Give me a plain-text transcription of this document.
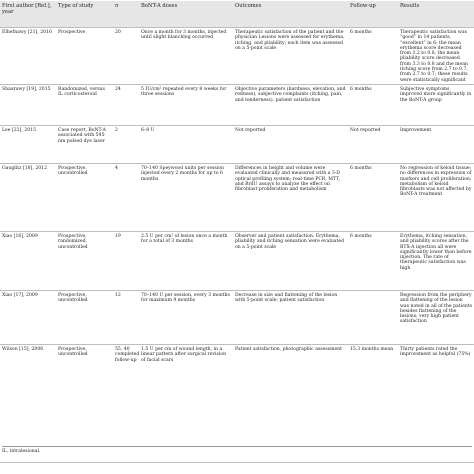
First author [Ref.], year	Type of study	n	BoNT-A doses	Outcomes	Follow-up	Results
Elhefnawy [21], 2016	Prospective	20	Once a month for 3 months, injected until slight blanching occurred	Therapeutic satisfaction of the patient and the physician Lesions were assessed for erythema, itching, and pliability; each item was assessed on a 5-point scale	6 months	Therapeutic satisfaction was “good” in 14 patients, “excellent” in 6; the mean erythema score decreased from 3.2 to 0.8, the mean pliability score decreased from 3.3 to 0.8 and the mean itching score from 2.7 to 0.7, from 2.7 to 0.7; these results were statistically significant
Shaarawy [19], 2015	Randomized, versus IL corticosteroid	24	5 IU/cm² repeated every 8 weeks for three sessions	Objective parameters (hardness, elevation, and redness), subjective complaints (itching, pain, and tenderness), patient satisfaction	6 months	Subjective symptoms improved more significantly in the BoNT-A group
Lee [22], 2015	Case report, BoNT-A associated with 595-nm pulsed dye laser	2	6–8 U	Not reported	Not reported	Improvement
Gauglitz [18], 2012	Prospective, uncontrolled	4	70–140 Speywood units per session injected every 2 months for up to 6 months	Differences in height and volume were evaluated clinically and measured with a 3-D optical profiling system; real-time PCR, MTT, and BrdU assays to analyze the effect on fibroblast proliferation and metabolism	6 months	No regression of keloid tissue; no differences in expression of markers and cell proliferation; metabolism of keloid fibroblasts was not affected by BoNT-A treatment
Xiao [16], 2009	Prospective, randomized, uncontrolled	19	2.5 U per cm² of lesion once a month for a total of 3 months	Observer and patient satisfaction. Erythema, pliability and itching sensation were evaluated on a 5-point scale	6 months	Erythema, itching sensation, and pliability scores after the BTX-A injection all were significantly lower than before injection. The rate of therapeutic satisfaction was high
Xiao [17], 2009	Prospective, uncontrolled	12	70–140 U per session, every 3 months for maximum 9 months	Decrease in size and flattening of the lesion with 5-point scale; patient satisfaction		Regression from the periphery and flattening of the lesion was noted in all of the patients besides flattening of the lesions; very high patient satisfaction
Wilson [15], 2006	Prospective, uncontrolled	55, 40 completed follow-up	1.5 U per cm of wound length, in a linear pattern after surgical revision of facial scars	Patient satisfaction, photographic assessment	15.3 months mean	Thirty patients rated the improvement as helpful (75%)
IL, intralesional.
